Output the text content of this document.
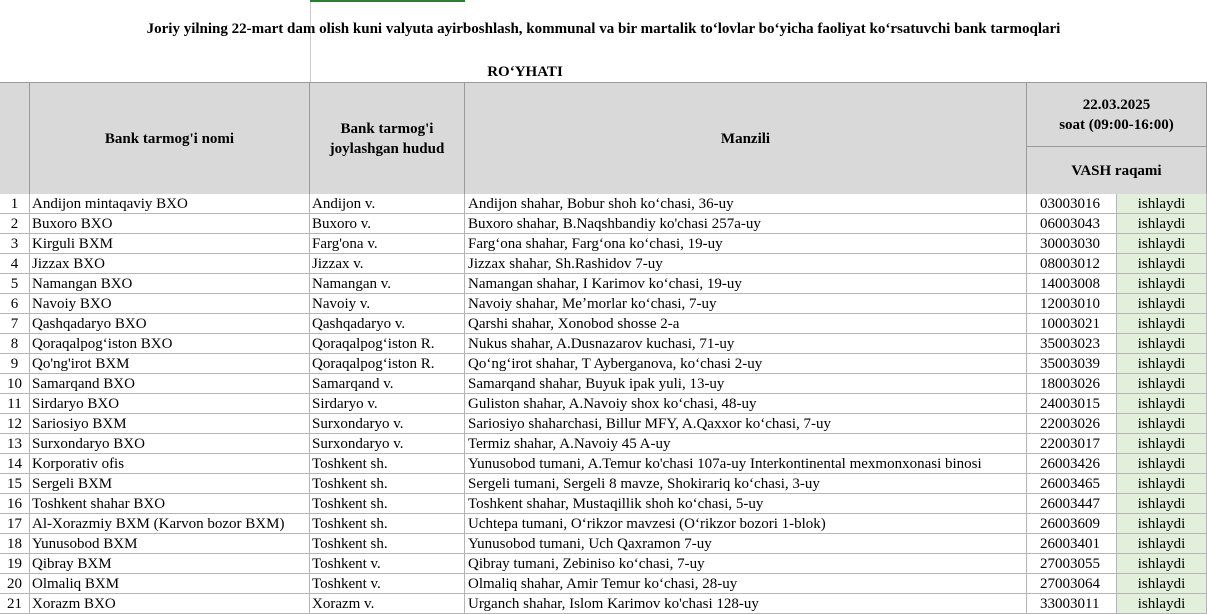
Joriy yilning 22-mart dam olish kuni valyuta ayirboshlash, kommunal va bir martalik to‘lovlar bo‘yicha faoliyat ko‘rsatuvchi bank tarmoqlari
RO‘YHATI
Bank tarmog'i nomi
Bank tarmog'i
joylashgan hudud
Manzili
22.03.2025
soat (09:00-16:00)
VASH raqami
1 Andijon mintaqaviy BXO	Andijon v.	Andijon shahar, Bobur shoh koʻchasi, 36-uy	03003016	ishlaydi
2 Buxoro BXO	Buxoro v.	Buxoro shahar, B.Naqshbandiy ko'chasi 257a-uy	06003043	ishlaydi
3 Kirguli BXM	Farg'ona v.	Fargʻona shahar, Fargʻona koʻchasi, 19-uy	30003030	ishlaydi
4 Jizzax BXO	Jizzax v.	Jizzax shahar, Sh.Rashidov 7-uy	08003012	ishlaydi
5 Namangan BXO	Namangan v.	Namangan shahar, I Karimov koʻchasi, 19-uy	14003008	ishlaydi
6 Navoiy BXO	Navoiy v.	Navoiy shahar, Meʼmorlar koʻchasi, 7-uy	12003010	ishlaydi
7 Qashqadaryo BXO	Qashqadaryo v.	Qarshi shahar, Xonobod shosse 2-a	10003021	ishlaydi
8 Qoraqalpogʻiston BXO	Qoraqalpogʻiston R.	Nukus shahar, A.Dusnazarov kuchasi, 71-uy	35003023	ishlaydi
9 Qo'ng'irot BXM	Qoraqalpogʻiston R.	Qoʻngʻirot shahar, T Ayberganova, koʻchasi 2-uy	35003039	ishlaydi
10 Samarqand BXO	Samarqand v.	Samarqand shahar, Buyuk ipak yuli, 13-uy	18003026	ishlaydi
11 Sirdaryo BXO	Sirdaryo v.	Guliston shahar, A.Navoiy shox koʻchasi, 48-uy	24003015	ishlaydi
12 Sariosiyo BXM	Surxondaryo v.	Sariosiyo shaharchasi, Billur MFY, A.Qaxxor koʻchasi, 7-uy	22003026	ishlaydi
13 Surxondaryo BXO	Surxondaryo v.	Termiz shahar, A.Navoiy 45 A-uy	22003017	ishlaydi
14 Korporativ ofis	Toshkent sh.	Yunusobod tumani, A.Temur ko'chasi 107a-uy Interkontinental mexmonxonasi binosi	26003426	ishlaydi
15 Sergeli BXM	Toshkent sh.	Sergeli tumani, Sergeli 8 mavze, Shokirariq koʻchasi, 3-uy	26003465	ishlaydi
16 Toshkent shahar BXO	Toshkent sh.	Toshkent shahar, Mustaqillik shoh koʻchasi, 5-uy	26003447	ishlaydi
17 Al-Xorazmiy BXM (Karvon bozor BXM)	Toshkent sh.	Uchtepa tumani, Oʻrikzor mavzesi (Oʻrikzor bozori 1-blok)	26003609	ishlaydi
18 Yunusobod BXM	Toshkent sh.	Yunusobod tumani, Uch Qaxramon 7-uy	26003401	ishlaydi
19 Qibray BXM	Toshkent v.	Qibray tumani, Zebiniso koʻchasi, 7-uy	27003055	ishlaydi
20 Olmaliq BXM	Toshkent v.	Olmaliq shahar, Amir Temur koʻchasi, 28-uy	27003064	ishlaydi
21 Xorazm BXO	Xorazm v.	Urganch shahar, Islom Karimov ko'chasi 128-uy	33003011	ishlaydi
